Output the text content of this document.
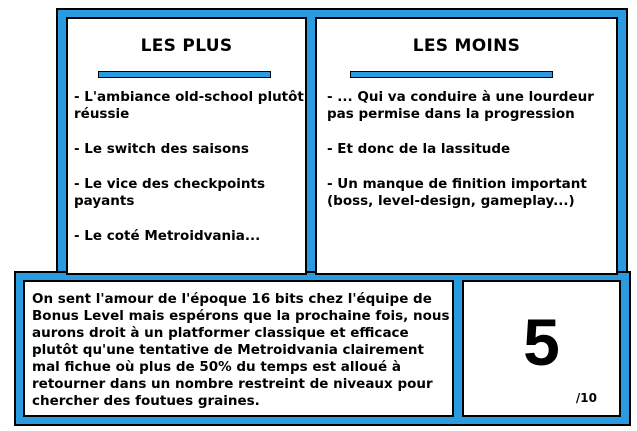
LES PLUS
- L'ambiance old-school plutôt réussie
- Le switch des saisons
- Le vice des checkpoints payants
- Le coté Metroidvania...
LES MOINS
- ... Qui va conduire à une lourdeur pas permise dans la progression
- Et donc de la lassitude
- Un manque de finition important (boss, level-design, gameplay...)

On sent l'amour de l'époque 16 bits chez l'équipe de Bonus Level mais espérons que la prochaine fois, nous aurons droit à un platformer classique et efficace plutôt qu'une tentative de Metroidvania clairement mal fichue où plus de 50% du temps est alloué à retourner dans un nombre restreint de niveaux pour chercher des foutues graines.

5
/10
